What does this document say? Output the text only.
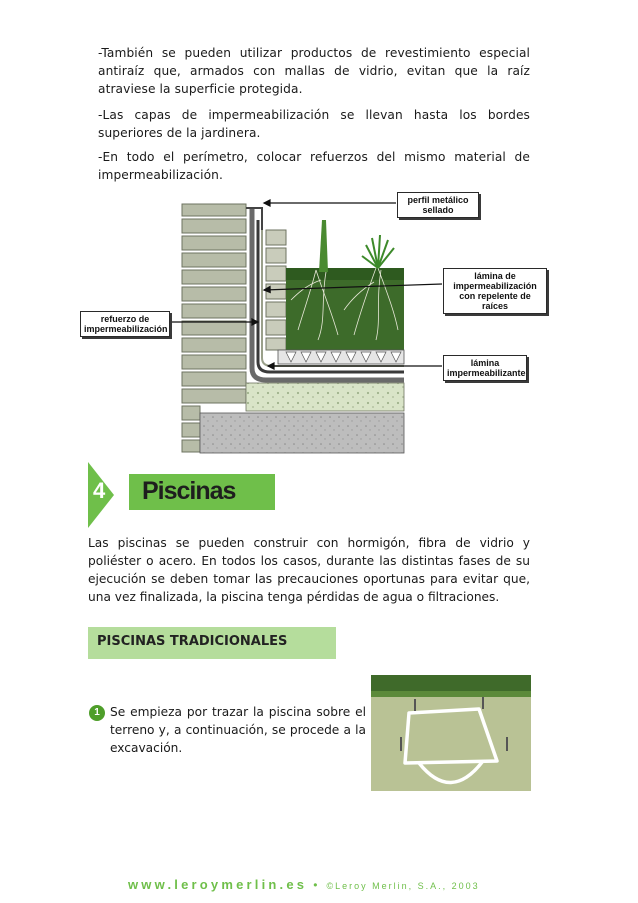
-También se pueden utilizar productos de revestimiento especial antiraíz que, armados con mallas de vidrio, evitan que la raíz atraviese la superficie protegida.

-Las capas de impermeabilización se llevan hasta los bordes superiores de la jardinera.

-En todo el perímetro, colocar refuerzos del mismo material de impermeabilización.

perfil metálico sellado
lámina de impermeabilización con repelente de raíces
refuerzo de impermeabilización
lámina impermeabilizante
4 Piscinas

Las piscinas se pueden construir con hormigón, fibra de vidrio y poliéster o acero. En todos los casos, durante las distintas fases de su ejecución se deben tomar las precauciones oportunas para evitar que, una vez finalizada, la piscina tenga pérdidas de agua o filtraciones.

PISCINAS TRADICIONALES
1 Se empieza por trazar la piscina sobre el terreno y, a continuación, se procede a la excavación.

www.leroymerlin.es • ©Leroy Merlin, S.A., 2003
